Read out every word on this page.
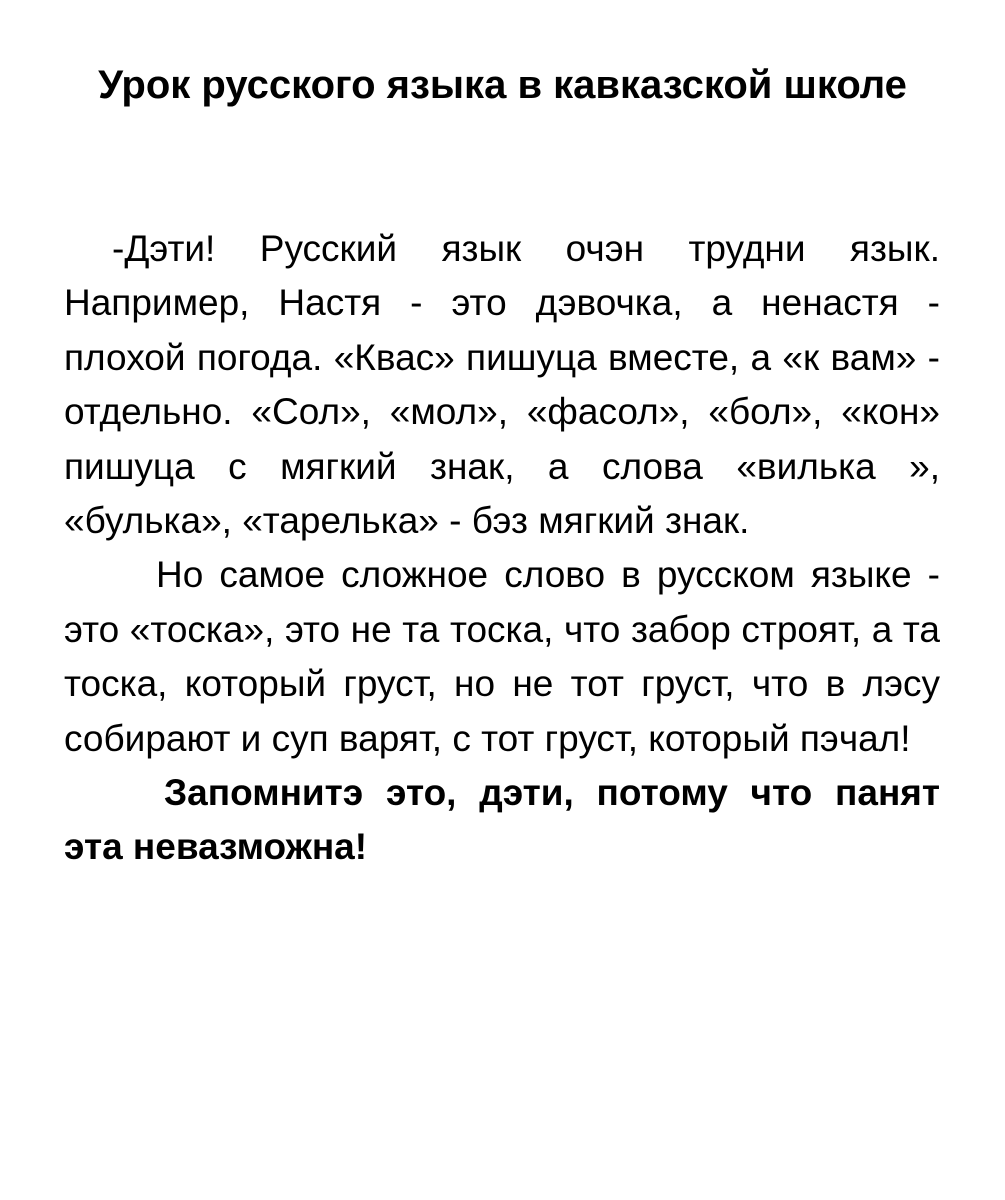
Урок русского языка в кавказской школе

-Дэти! Русский язык очэн трудни язык. Например, Настя - это дэвочка, а ненастя - плохой погода. «Квас» пишуца вместе, а «к вам» - отдельно. «Сол», «мол», «фасол», «бол», «кон» пишуца с мягкий знак, а слова «вилька », «булька», «тарелька» - бэз мягкий знак.

Но самое сложное слово в русском языке - это «тоска», это не та тоска, что забор строят, а та тоска, который груст, но не тот груст, что в лэсу собирают и суп варят, с тот груст, который пэчал!

Запомнитэ это, дэти, потому что панят эта невазможна!
